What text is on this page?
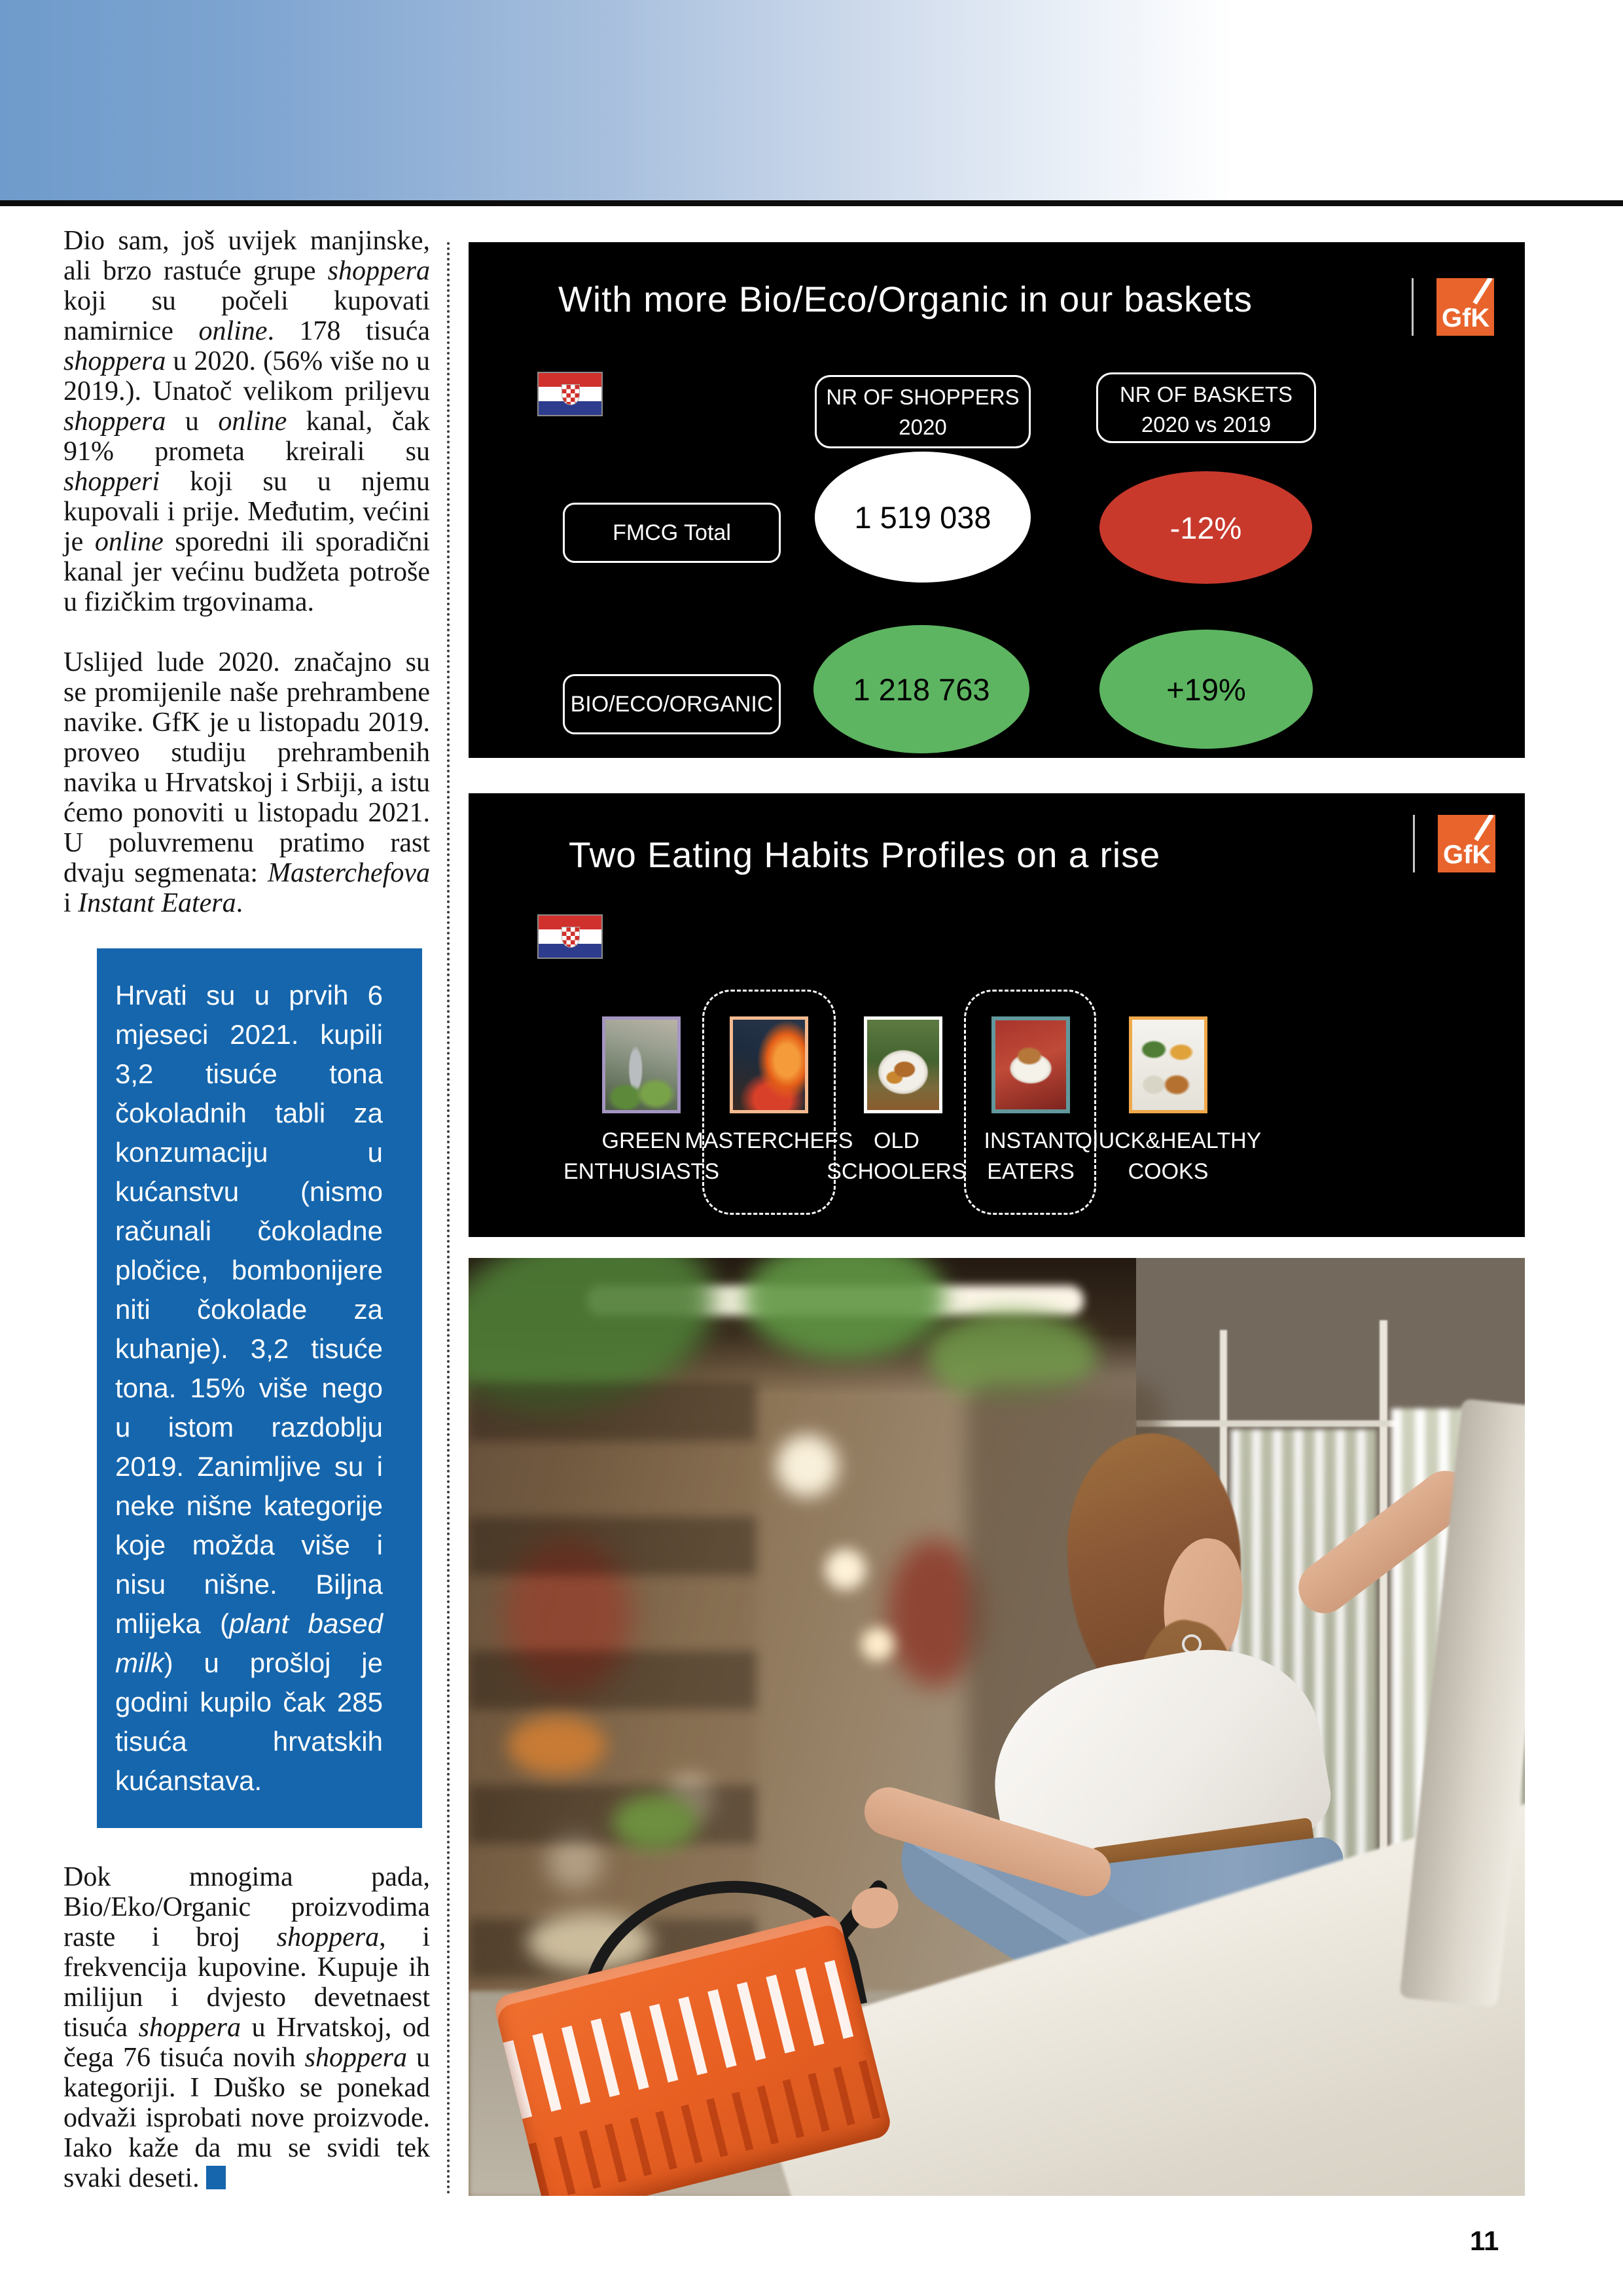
Dio sam, još uvijek manjinske, ali brzo rastuće grupe shoppera koji su počeli kupovati namirnice online. 178 tisuća shoppera u 2020. (56% više no u 2019.). Unatoč velikom priljevu shoppera u online kanal, čak 91% prometa kreirali su shopperi koji su u njemu kupovali i prije. Međutim, većini je online sporedni ili sporadični kanal jer većinu budžeta potroše u fizičkim trgovinama.

Uslijed lude 2020. značajno su se promijenile naše prehrambene navike. GfK je u listopadu 2019. proveo studiju prehrambenih navika u Hrvatskoj i Srbiji, a istu ćemo ponoviti u listopadu 2021. U poluvremenu pratimo rast dvaju segmenata: Masterchefova i Instant Eatera.

Hrvati su u prvih 6 mjeseci 2021. kupili 3,2 tisuće tona čokoladnih tabli za konzumaciju u kućanstvu (nismo računali čokoladne pločice, bombonijere niti čokolade za kuhanje). 3,2 tisuće tona. 15% više nego u istom razdoblju 2019. Zanimljive su i neke nišne kategorije koje možda više i nisu nišne. Biljna mlijeka (plant based milk) u prošloj je godini kupilo čak 285 tisuća hrvatskih kućanstava.

Dok mnogima pada, Bio/Eko/Organic proizvodima raste i broj shoppera, i frekvencija kupovine. Kupuje ih milijun i dvjesto devetnaest tisuća shoppera u Hrvatskoj, od čega 76 tisuća novih shoppera u kategoriji. I Duško se ponekad odvaži isprobati nove proizvode. Iako kaže da mu se svidi tek svaki deseti.

With more Bio/Eco/Organic in our baskets	GfK
NR OF SHOPPERS
2020
NR OF BASKETS
2020 vs 2019
FMCG Total	1 519 038	-12%
BIO/ECO/ORGANIC	1 218 763	+19%
Two Eating Habits Profiles on a rise	GfK
GREEN
ENTHUSIASTS
MASTERCHEFS OLD
SCHOOLERS
INSTANT
EATERS
QIUCK&HEALTHY
COOKS
11
